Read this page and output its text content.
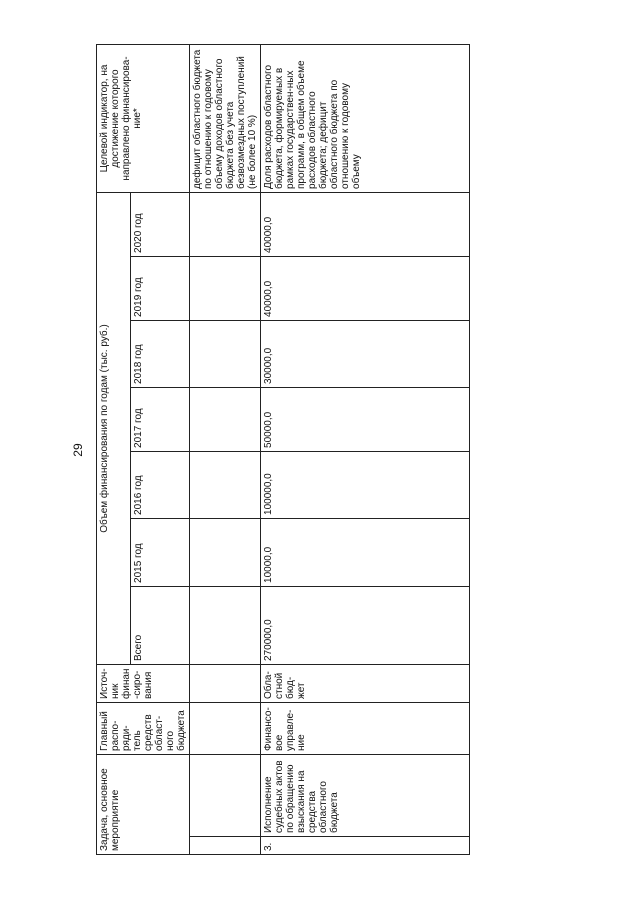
29
Задача, основное мероприятие		Главный распо-ряди-тель средств област-ного бюджета	Источ-ник финан-сиро-вания	Объем финансирования по годам (тыс. руб.)							Целевой индикатор, на достижение которого направлено финансирова-ние*
				Всего	2015 год	2016 год	2017 год	2018 год	2019 год	2020 год	
											дефицит областного бюджета по отношению к годовому объему доходов областного бюджета без учета безвозмездных поступлений (не более 10 %)
3.	Исполнение судебных актов по обращению взыскания на средства областного бюджета	Финансо-вое управле-ние	Обла-стной бюд-жет	270000,0	10000,0	100000,0	50000,0	30000,0	40000,0	40000,0	Доля расходов областного бюджета, формируемых в рамках государствен-ных программ, в общем объеме расходов областного бюджета; дефицит областного бюджета по отношению к годовому объему
